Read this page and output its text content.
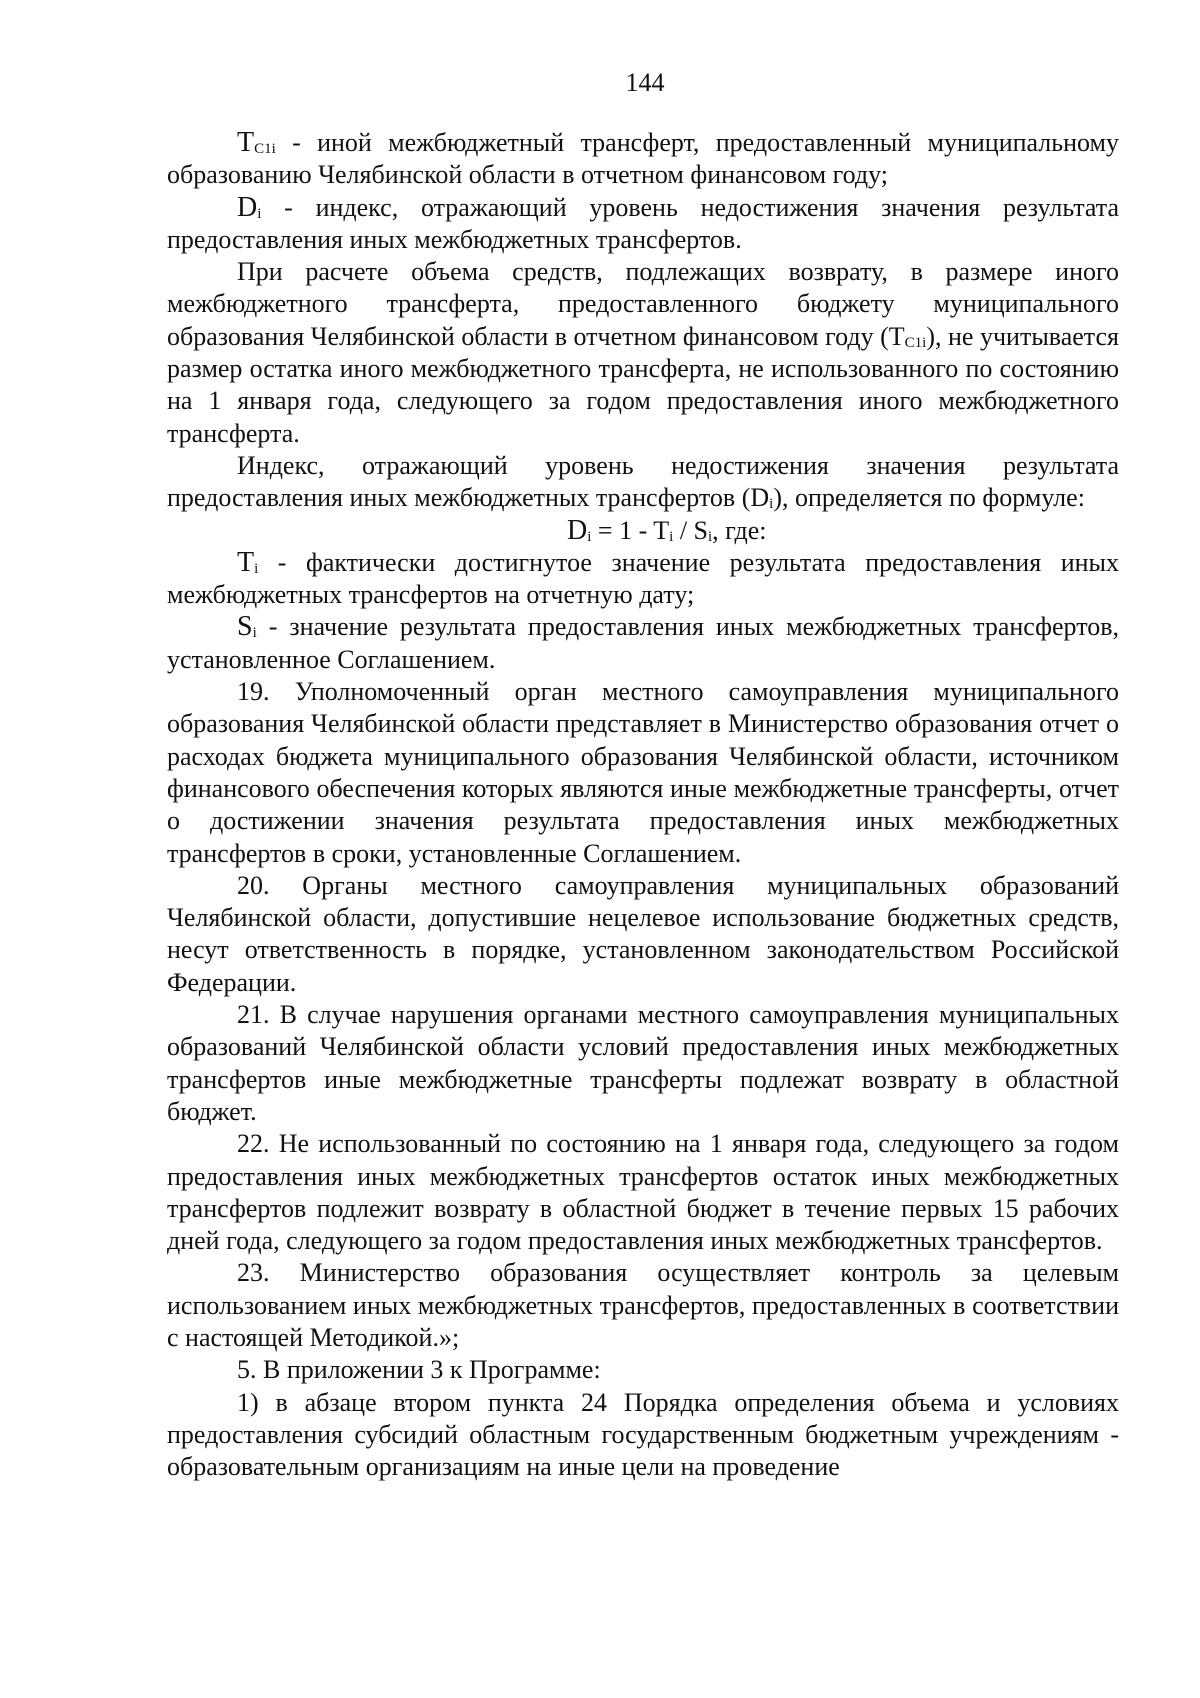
144

$T_{C1i}$ - иной межбюджетный трансферт, предоставленный муниципальному образованию Челябинской области в отчетном финансовом году;

$D_i$ - индекс, отражающий уровень недостижения значения результата предоставления иных межбюджетных трансфертов.

При расчете объема средств, подлежащих возврату, в размере иного межбюджетного трансферта, предоставленного бюджету муниципального образования Челябинской области в отчетном финансовом году $(T_{C1i})$, не учитывается размер остатка иного межбюджетного трансферта, не использованного по состоянию на 1 января года, следующего за годом предоставления иного межбюджетного трансферта.

Индекс, отражающий уровень недостижения значения результата предоставления иных межбюджетных трансфертов $(D_i)$, определяется по формуле:

$D_i = 1 - T_i / S_i$, где:

$T_i$ - фактически достигнутое значение результата предоставления иных межбюджетных трансфертов на отчетную дату;

$S_i$ - значение результата предоставления иных межбюджетных трансфертов, установленное Соглашением.

19. Уполномоченный орган местного самоуправления муниципального образования Челябинской области представляет в Министерство образования отчет о расходах бюджета муниципального образования Челябинской области, источником финансового обеспечения которых являются иные межбюджетные трансферты, отчет о достижении значения результата предоставления иных межбюджетных трансфертов в сроки, установленные Соглашением.

20. Органы местного самоуправления муниципальных образований Челябинской области, допустившие нецелевое использование бюджетных средств, несут ответственность в порядке, установленном законодательством Российской Федерации.

21. В случае нарушения органами местного самоуправления муниципальных образований Челябинской области условий предоставления иных межбюджетных трансфертов иные межбюджетные трансферты подлежат возврату в областной бюджет.

22. Не использованный по состоянию на 1 января года, следующего за годом предоставления иных межбюджетных трансфертов остаток иных межбюджетных трансфертов подлежит возврату в областной бюджет в течение первых 15 рабочих дней года, следующего за годом предоставления иных межбюджетных трансфертов.

23. Министерство образования осуществляет контроль за целевым использованием иных межбюджетных трансфертов, предоставленных в соответствии с настоящей Методикой.»;

5. В приложении 3 к Программе:

1) в абзаце втором пункта 24 Порядка определения объема и условиях предоставления субсидий областным государственным бюджетным учреждениям - образовательным организациям на иные цели на проведение
